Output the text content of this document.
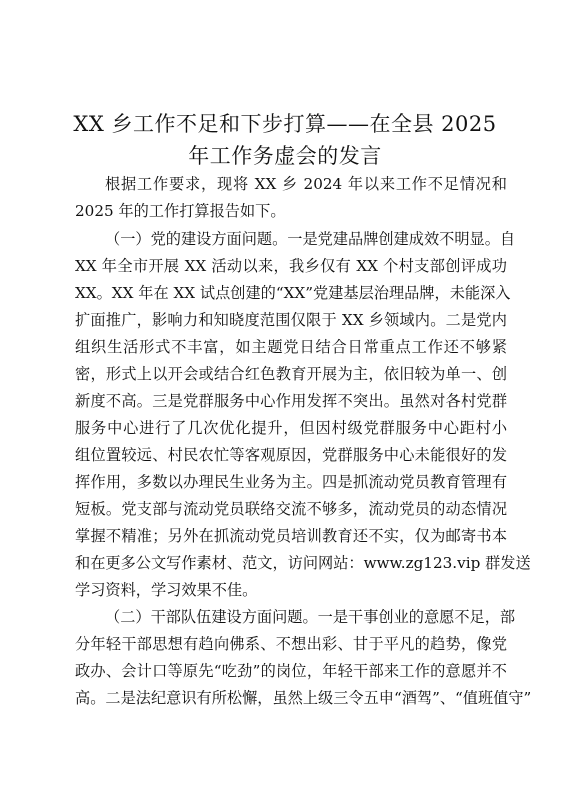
XX 乡工作不足和下步打算——在全县 2025
年工作务虚会的发言
根据工作要求，现将 XX 乡 2024 年以来工作不足情况和
2025 年的工作打算报告如下。
（一）党的建设方面问题。一是党建品牌创建成效不明显。自
XX 年全市开展 XX 活动以来，我乡仅有 XX 个村支部创评成功
XX。XX 年在 XX 试点创建的“XX”党建基层治理品牌，未能深入
扩面推广，影响力和知晓度范围仅限于 XX 乡领域内。二是党内
组织生活形式不丰富，如主题党日结合日常重点工作还不够紧
密，形式上以开会或结合红色教育开展为主，依旧较为单一、创
新度不高。三是党群服务中心作用发挥不突出。虽然对各村党群
服务中心进行了几次优化提升，但因村级党群服务中心距村小
组位置较远、村民农忙等客观原因，党群服务中心未能很好的发
挥作用，多数以办理民生业务为主。四是抓流动党员教育管理有
短板。党支部与流动党员联络交流不够多，流动党员的动态情况
掌握不精准；另外在抓流动党员培训教育还不实，仅为邮寄书本
和在更多公文写作素材、范文，访问网站：www.zg123.vip 群发送
学习资料，学习效果不佳。
（二）干部队伍建设方面问题。一是干事创业的意愿不足，部
分年轻干部思想有趋向佛系、不想出彩、甘于平凡的趋势，像党
政办、会计口等原先“吃劲”的岗位，年轻干部来工作的意愿并不
高。二是法纪意识有所松懈，虽然上级三令五申“酒驾”、“值班值守”
